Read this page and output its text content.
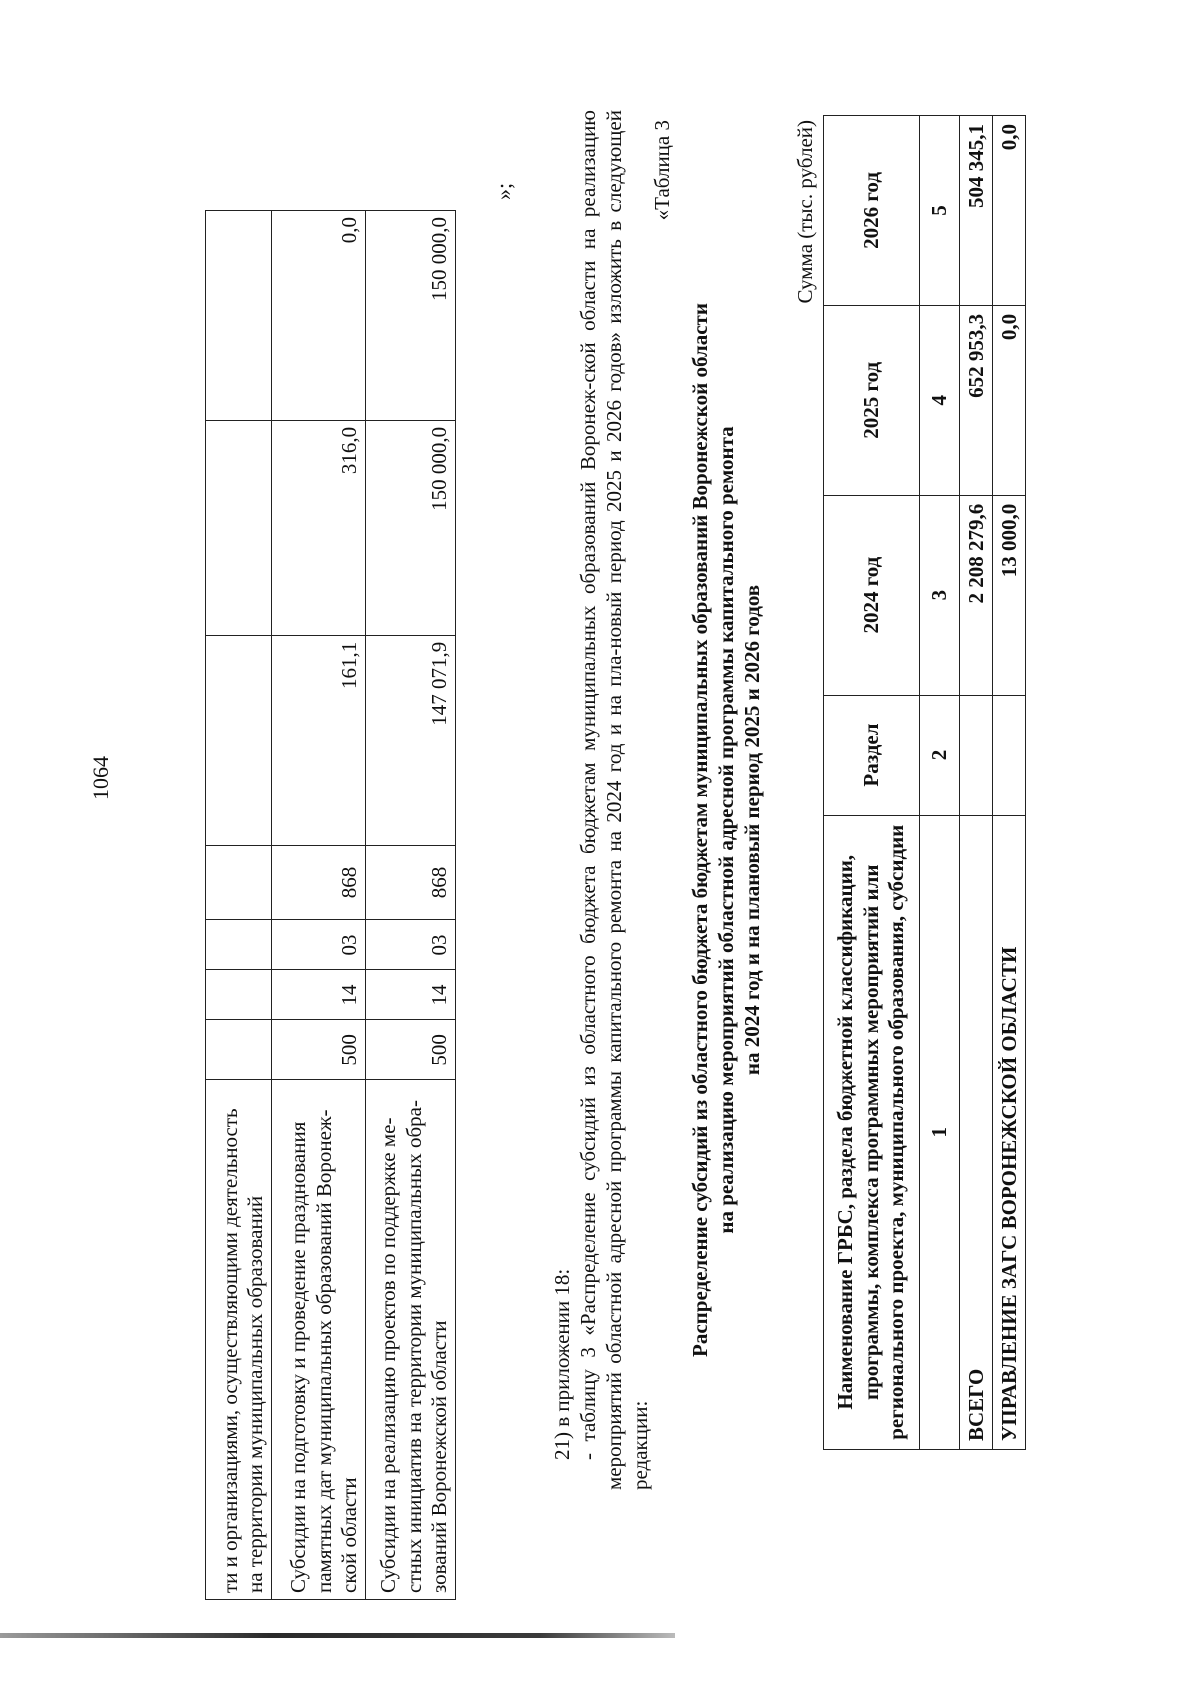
1064
ти и организациями, осуществляющими деятельность на территории муниципальных образований							
Субсидии на подготовку и проведение празднования памятных дат муниципальных образований Воронеж-ской области	500	14	03	868	161,1	316,0	0,0
Субсидии на реализацию проектов по поддержке ме-стных инициатив на территории муниципальных обра-зований Воронежской области	500	14	03	868	147 071,9	150 000,0	150 000,0
»;
21) в приложении 18: - таблицу 3 «Распределение субсидий из областного бюджета бюджетам муниципальных образований Воронеж-ской области на реализацию мероприятий областной адресной программы капитального ремонта на 2024 год и на пла-новый период 2025 и 2026 годов» изложить в следующей редакции:
«Таблица 3
Распределение субсидий из областного бюджета бюджетам муниципальных образований Воронежской области на реализацию мероприятий областной адресной программы капитального ремонта на 2024 год и на плановый период 2025 и 2026 годов
Сумма (тыс. рублей)
Наименование ГРБС, раздела бюджетной классификации, программы, комплекса программных мероприятий или регионального проекта, муниципального образования, субсидии	Раздел	2024 год	2025 год	2026 год
1	2	3	4	5
ВСЕГО		2 208 279,6	652 953,3	504 345,1
УПРАВЛЕНИЕ ЗАГС ВОРОНЕЖСКОЙ ОБЛАСТИ		13 000,0	0,0	0,0
